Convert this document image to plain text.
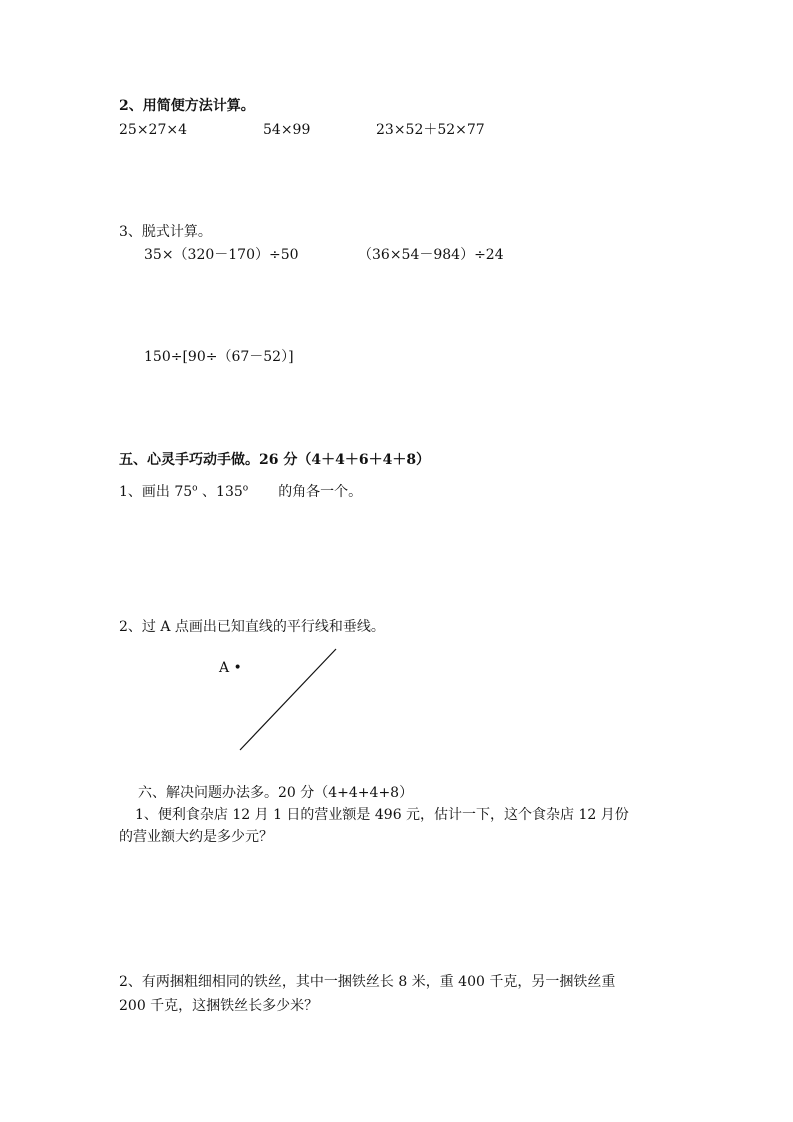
2、用简便方法计算。
25×27×4	54×99	23×52＋52×77
3、脱式计算。
35×（320－170）÷50	（36×54－984）÷24
150÷[90÷（67－52）]
五、心灵手巧动手做。26 分（4＋4＋6＋4＋8）
1、画出 75$^o$ 、135$^o$ 的角各一个。
2、过 A 点画出已知直线的平行线和垂线。
A •
六、解决问题办法多。20 分（4+4+4+8）
1、便利食杂店 12 月 1 日的营业额是 496 元，估计一下，这个食杂店 12 月份
的营业额大约是多少元？
2、有两捆粗细相同的铁丝，其中一捆铁丝长 8 米，重 400 千克，另一捆铁丝重
200 千克，这捆铁丝长多少米？
